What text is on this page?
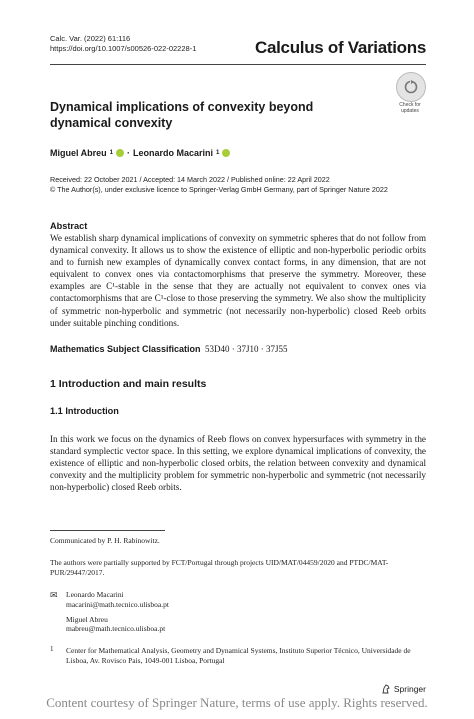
Calc. Var. (2022) 61:116
https://doi.org/10.1007/s00526-022-02228-1	Calculus of Variations
Check for updates
Dynamical implications of convexity beyond dynamical convexity
Miguel Abreu 1 · Leonardo Macarini 1
Received: 22 October 2021 / Accepted: 14 March 2022 / Published online: 22 April 2022
© The Author(s), under exclusive licence to Springer-Verlag GmbH Germany, part of Springer Nature 2022
Abstract
We establish sharp dynamical implications of convexity on symmetric spheres that do not follow from dynamical convexity. It allows us to show the existence of elliptic and non-hyperbolic periodic orbits and to furnish new examples of dynamically convex contact forms, in any dimension, that are not equivalent to convex ones via contactomorphisms that preserve the symmetry. Moreover, these examples are C¹-stable in the sense that they are actually not equivalent to convex ones via contactomorphisms that are C¹-close to those preserving the symmetry. We also show the multiplicity of symmetric non-hyperbolic and symmetric (not necessarily non-hyperbolic) closed Reeb orbits under suitable pinching conditions.
Mathematics Subject Classification 53D40 · 37J10 · 37J55
1 Introduction and main results
1.1 Introduction
In this work we focus on the dynamics of Reeb flows on convex hypersurfaces with symmetry in the standard symplectic vector space. In this setting, we explore dynamical implications of convexity, the existence of elliptic and non-hyperbolic closed orbits, the relation between convexity and dynamical convexity and the multiplicity problem for symmetric non-hyperbolic and symmetric (not necessarily non-hyperbolic) closed Reeb orbits.
Communicated by P. H. Rabinowitz.
The authors were partially supported by FCT/Portugal through projects UID/MAT/04459/2020 and PTDC/MAT-PUR/29447/2017.
✉ Leonardo Macarini
macarini@math.tecnico.ulisboa.pt
Miguel Abreu
mabreu@math.tecnico.ulisboa.pt
1 Center for Mathematical Analysis, Geometry and Dynamical Systems, Instituto Superior Técnico, Universidade de Lisboa, Av. Rovisco Pais, 1049-001 Lisboa, Portugal
Springer
Content courtesy of Springer Nature, terms of use apply. Rights reserved.
